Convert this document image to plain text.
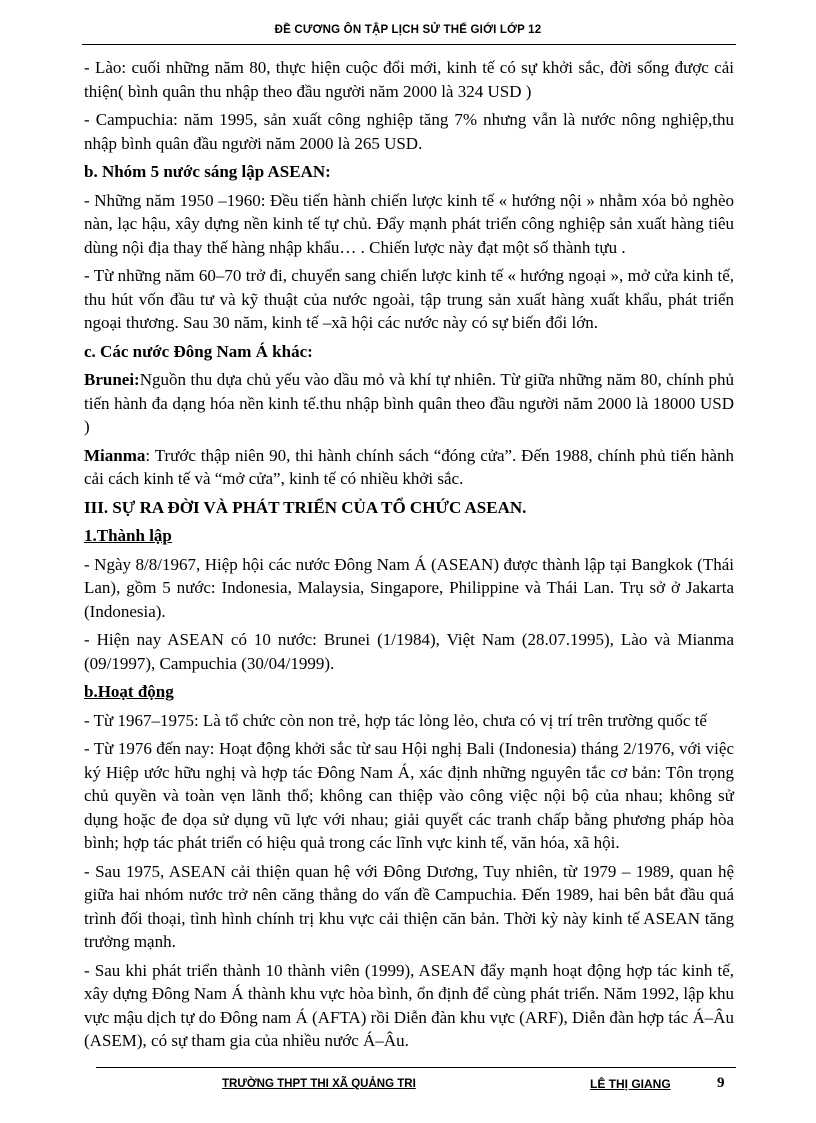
ĐỀ CƯƠNG ÔN TẬP LỊCH SỬ THẾ GIỚI LỚP 12

- Lào: cuối những năm 80, thực hiện cuộc đổi mới, kinh tế có sự khởi sắc, đời sống được cải thiện( bình quân thu nhập theo đầu người năm 2000 là 324 USD )

- Campuchia: năm 1995, sản xuất công nghiệp tăng 7% nhưng vẫn là nước nông nghiệp,thu nhập bình quân đầu người năm 2000 là 265 USD.

b. Nhóm 5 nước sáng lập ASEAN:

- Những năm 1950 –1960: Đều tiến hành chiến lược kinh tế « hướng nội » nhằm xóa bỏ nghèo nàn, lạc hậu, xây dựng nền kinh tế tự chủ. Đẩy mạnh phát triển công nghiệp sản xuất hàng tiêu dùng nội địa thay thế hàng nhập khẩu… . Chiến lược này đạt một số thành tựu .

- Từ những năm 60–70 trở đi, chuyển sang chiến lược kinh tế « hướng ngoại », mở cửa kinh tế, thu hút vốn đầu tư và kỹ thuật của nước ngoài, tập trung sản xuất hàng xuất khẩu, phát triển ngoại thương. Sau 30 năm, kinh tế –xã hội các nước này có sự biến đổi lớn.

c. Các nước Đông Nam Á khác:

Brunei:Nguồn thu dựa chủ yếu vào dầu mỏ và khí tự nhiên. Từ giữa những năm 80, chính phủ tiến hành đa dạng hóa nền kinh tế.thu nhập bình quân theo đầu người năm 2000 là 18000 USD )

Mianma: Trước thập niên 90, thi hành chính sách “đóng cửa”. Đến 1988, chính phủ tiến hành cải cách kinh tế và “mở cửa”, kinh tế có nhiều khởi sắc.

III. SỰ RA ĐỜI VÀ PHÁT TRIỂN CỦA TỔ CHỨC ASEAN.

1.Thành lập

- Ngày 8/8/1967, Hiệp hội các nước Đông Nam Á (ASEAN) được thành lập tại Bangkok (Thái Lan), gồm 5 nước: Indonesia, Malaysia, Singapore, Philippine và Thái Lan. Trụ sở ở Jakarta (Indonesia).

- Hiện nay ASEAN có 10 nước: Brunei (1/1984), Việt Nam (28.07.1995), Lào và Mianma (09/1997), Campuchia (30/04/1999).

b.Hoạt động

- Từ 1967–1975: Là tổ chức còn non trẻ, hợp tác lỏng lẻo, chưa có vị trí trên trường quốc tế

- Từ 1976 đến nay: Hoạt động khởi sắc từ sau Hội nghị Bali (Indonesia) tháng 2/1976, với việc ký Hiệp ước hữu nghị và hợp tác Đông Nam Á, xác định những nguyên tắc cơ bản: Tôn trọng chủ quyền và toàn vẹn lãnh thổ; không can thiệp vào công việc nội bộ của nhau; không sử dụng hoặc đe dọa sử dụng vũ lực với nhau; giải quyết các tranh chấp bằng phương pháp hòa bình; hợp tác phát triển có hiệu quả trong các lĩnh vực kinh tế, văn hóa, xã hội.

- Sau 1975, ASEAN cải thiện quan hệ với Đông Dương, Tuy nhiên, từ 1979 – 1989, quan hệ giữa hai nhóm nước trở nên căng thẳng do vấn đề Campuchia. Đến 1989, hai bên bắt đầu quá trình đối thoại, tình hình chính trị khu vực cải thiện căn bản. Thời kỳ này kinh tế ASEAN tăng trưởng mạnh.

- Sau khi phát triển thành 10 thành viên (1999), ASEAN đẩy mạnh hoạt động hợp tác kinh tế, xây dựng Đông Nam Á thành khu vực hòa bình, ổn định để cùng phát triển. Năm 1992, lập khu vực mậu dịch tự do Đông nam Á (AFTA) rồi Diễn đàn khu vực (ARF), Diễn đàn hợp tác Á–Âu (ASEM), có sự tham gia của nhiều nước Á–Âu.

TRƯỜNG THPT THI XÃ QUẢNG TRI	LÊ THỊ GIANG	9
